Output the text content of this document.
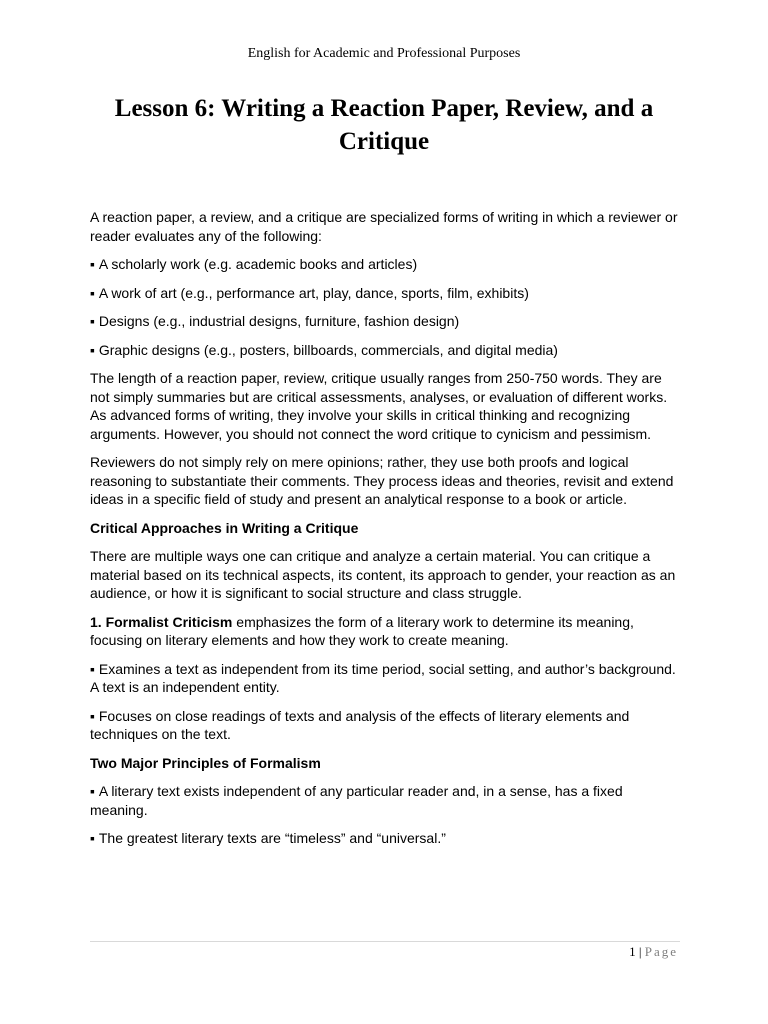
English for Academic and Professional Purposes
Lesson 6: Writing a Reaction Paper, Review, and a Critique

A reaction paper, a review, and a critique are specialized forms of writing in which a reviewer or reader evaluates any of the following:

▪ A scholarly work (e.g. academic books and articles)

▪ A work of art (e.g., performance art, play, dance, sports, film, exhibits)

▪ Designs (e.g., industrial designs, furniture, fashion design)

▪ Graphic designs (e.g., posters, billboards, commercials, and digital media)

The length of a reaction paper, review, critique usually ranges from 250-750 words. They are not simply summaries but are critical assessments, analyses, or evaluation of different works. As advanced forms of writing, they involve your skills in critical thinking and recognizing arguments. However, you should not connect the word critique to cynicism and pessimism.

Reviewers do not simply rely on mere opinions; rather, they use both proofs and logical reasoning to substantiate their comments. They process ideas and theories, revisit and extend ideas in a specific field of study and present an analytical response to a book or article.

Critical Approaches in Writing a Critique

There are multiple ways one can critique and analyze a certain material. You can critique a material based on its technical aspects, its content, its approach to gender, your reaction as an audience, or how it is significant to social structure and class struggle.

1. Formalist Criticism emphasizes the form of a literary work to determine its meaning, focusing on literary elements and how they work to create meaning.

▪ Examines a text as independent from its time period, social setting, and author’s background. A text is an independent entity.

▪ Focuses on close readings of texts and analysis of the effects of literary elements and techniques on the text.

Two Major Principles of Formalism

▪ A literary text exists independent of any particular reader and, in a sense, has a fixed meaning.

▪ The greatest literary texts are “timeless” and “universal.”

1 | Page
